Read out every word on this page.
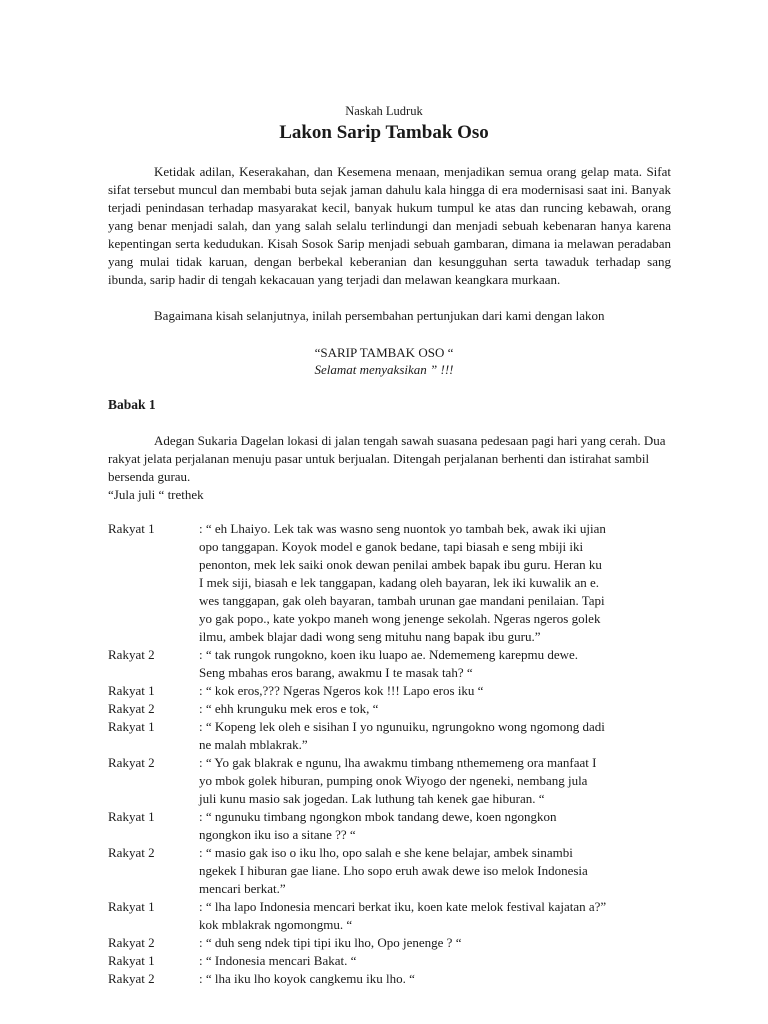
Naskah Ludruk
Lakon Sarip Tambak Oso

Ketidak adilan, Keserakahan, dan Kesemena menaan, menjadikan semua orang gelap mata. Sifat sifat tersebut muncul dan membabi buta sejak jaman dahulu kala hingga di era modernisasi saat ini. Banyak terjadi penindasan terhadap masyarakat kecil, banyak hukum tumpul ke atas dan runcing kebawah, orang yang benar menjadi salah, dan yang salah selalu terlindungi dan menjadi sebuah kebenaran hanya karena kepentingan serta kedudukan. Kisah Sosok Sarip menjadi sebuah gambaran, dimana ia melawan peradaban yang mulai tidak karuan, dengan berbekal keberanian dan kesungguhan serta tawaduk terhadap sang ibunda, sarip hadir di tengah kekacauan yang terjadi dan melawan keangkara murkaan.

Bagaimana kisah selanjutnya, inilah persembahan pertunjukan dari kami dengan lakon

“SARIP TAMBAK OSO “
Selamat menyaksikan ” !!!
Babak 1

Adegan Sukaria Dagelan lokasi di jalan tengah sawah suasana pedesaan pagi hari yang cerah. Dua rakyat jelata perjalanan menuju pasar untuk berjualan. Ditengah perjalanan berhenti dan istirahat sambil bersenda gurau.

“Jula juli “ trethek
Rakyat 1	: “ eh Lhaiyo. Lek tak was wasno seng nuontok yo tambah bek, awak iki ujian
opo tanggapan. Koyok model e ganok bedane, tapi biasah e seng mbiji iki
penonton, mek lek saiki onok dewan penilai ambek bapak ibu guru. Heran ku
I mek siji, biasah e lek tanggapan, kadang oleh bayaran, lek iki kuwalik an e.
wes tanggapan, gak oleh bayaran, tambah urunan gae mandani penilaian. Tapi
yo gak popo., kate yokpo maneh wong jenenge sekolah. Ngeras ngeros golek
ilmu, ambek blajar dadi wong seng mituhu nang bapak ibu guru.”
Rakyat 2	: “ tak rungok rungokno, koen iku luapo ae. Ndememeng karepmu dewe.
Seng mbahas eros barang, awakmu I te masak tah? “
Rakyat 1	: “ kok eros,??? Ngeras Ngeros kok !!! Lapo eros iku “
Rakyat 2	: “ ehh krunguku mek eros e tok, “
Rakyat 1	: “ Kopeng lek oleh e sisihan I yo ngunuiku, ngrungokno wong ngomong dadi
ne malah mblakrak.”
Rakyat 2	: “ Yo gak blakrak e ngunu, lha awakmu timbang nthememeng ora manfaat I
yo mbok golek hiburan, pumping onok Wiyogo der ngeneki, nembang jula
juli kunu masio sak jogedan. Lak luthung tah kenek gae hiburan. “
Rakyat 1	: “ ngunuku timbang ngongkon mbok tandang dewe, koen ngongkon
ngongkon iku iso a sitane ?? “
Rakyat 2	: “ masio gak iso o iku lho, opo salah e she kene belajar, ambek sinambi
ngekek I hiburan gae liane. Lho sopo eruh awak dewe iso melok Indonesia
mencari berkat.”
Rakyat 1	: “ lha lapo Indonesia mencari berkat iku, koen kate melok festival kajatan a?”
kok mblakrak ngomongmu. “
Rakyat 2	: “ duh seng ndek tipi tipi iku lho, Opo jenenge ? “
Rakyat 1	: “ Indonesia mencari Bakat. “
Rakyat 2	: “ lha iku lho koyok cangkemu iku lho. “
